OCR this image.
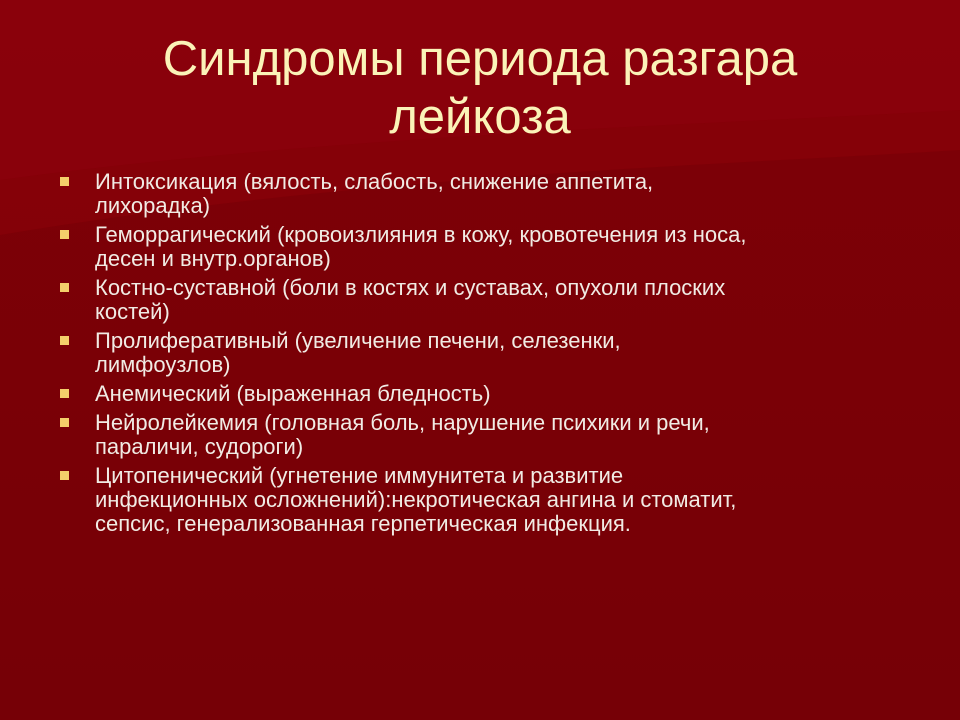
Синдромы периода разгара
лейкоза
Интоксикация (вялость, слабость, снижение аппетита,
лихорадка)
Геморрагический (кровоизлияния в кожу, кровотечения из носа,
десен и внутр.органов)
Костно-суставной (боли в костях и суставах, опухоли плоских
костей)
Пролиферативный (увеличение печени, селезенки,
лимфоузлов)
Анемический (выраженная бледность)
Нейролейкемия (головная боль, нарушение психики и речи,
параличи, судороги)
Цитопенический (угнетение иммунитета и развитие
инфекционных осложнений):некротическая ангина и стоматит,
сепсис, генерализованная герпетическая инфекция.
